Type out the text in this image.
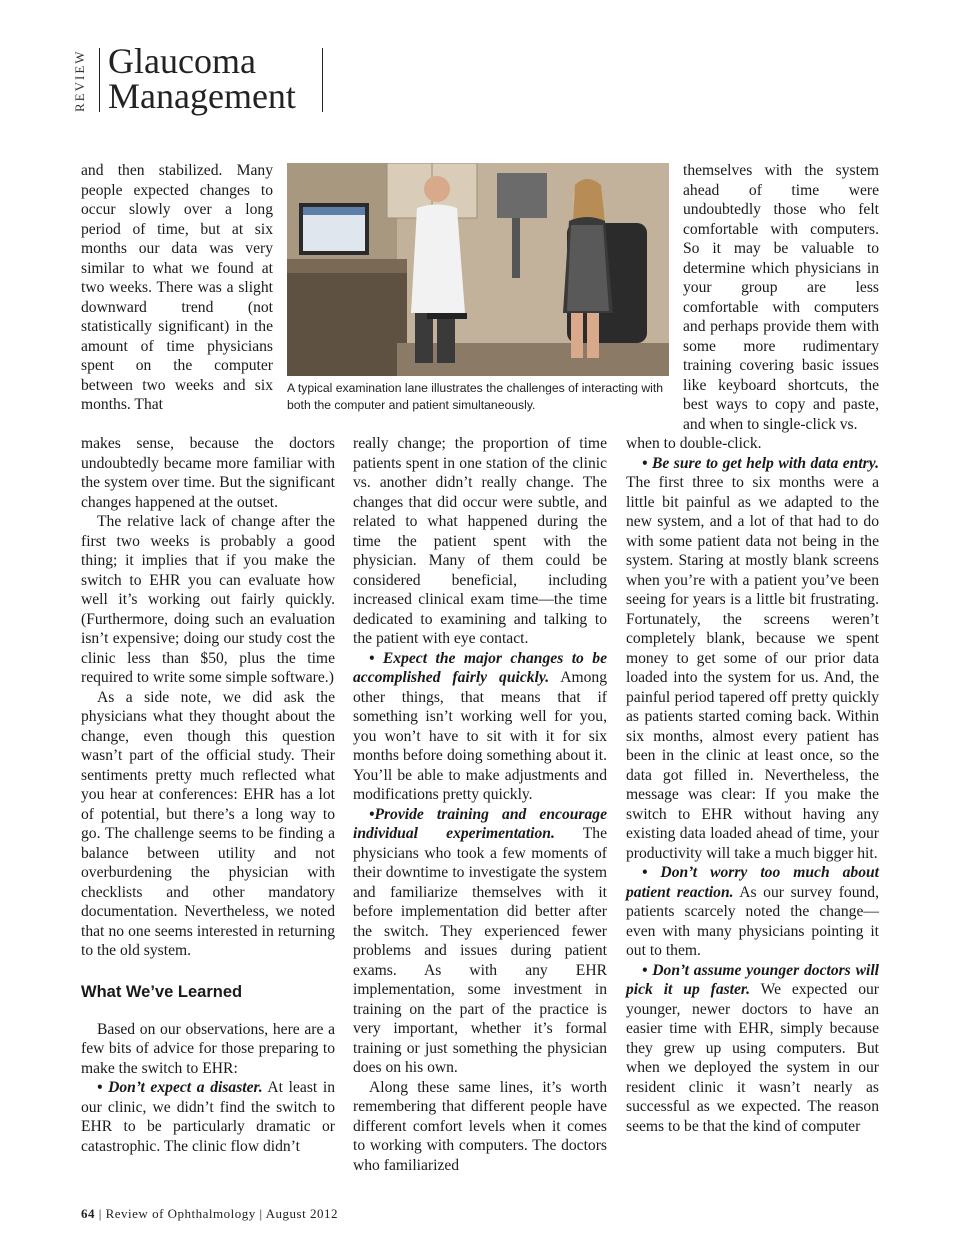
REVIEW Glaucoma
Management
A typical examination lane illustrates the challenges of interacting with both the computer and patient simultaneously.

and then stabilized. Many people expected changes to occur slowly over a long period of time, but at six months our data was very similar to what we found at two weeks. There was a slight downward trend (not statistically significant) in the amount of time physicians spent on the computer between two weeks and six months. That

makes sense, because the doctors undoubtedly became more familiar with the system over time. But the significant changes happened at the outset.

The relative lack of change after the first two weeks is probably a good thing; it implies that if you make the switch to EHR you can evaluate how well it’s working out fairly quickly. (Furthermore, doing such an evaluation isn’t expensive; doing our study cost the clinic less than $50, plus the time required to write some simple software.)

As a side note, we did ask the physicians what they thought about the change, even though this question wasn’t part of the official study. Their sentiments pretty much reflected what you hear at conferences: EHR has a lot of potential, but there’s a long way to go. The challenge seems to be finding a balance between utility and not overburdening the physician with checklists and other mandatory documentation. Nevertheless, we noted that no one seems interested in returning to the old system.

What We’ve Learned

Based on our observations, here are a few bits of advice for those preparing to make the switch to EHR:

• Don’t expect a disaster. At least in our clinic, we didn’t find the switch to EHR to be particularly dramatic or catastrophic. The clinic flow didn’t

really change; the proportion of time patients spent in one station of the clinic vs. another didn’t really change. The changes that did occur were subtle, and related to what happened during the time the patient spent with the physician. Many of them could be considered beneficial, including increased clinical exam time—the time dedicated to examining and talking to the patient with eye contact.

• Expect the major changes to be accomplished fairly quickly. Among other things, that means that if something isn’t working well for you, you won’t have to sit with it for six months before doing something about it. You’ll be able to make adjustments and modifications pretty quickly.

•Provide training and encourage individual experimentation. The physicians who took a few moments of their downtime to investigate the system and familiarize themselves with it before implementation did better after the switch. They experienced fewer problems and issues during patient exams. As with any EHR implementation, some investment in training on the part of the practice is very important, whether it’s formal training or just something the physician does on his own.

Along these same lines, it’s worth remembering that different people have different comfort levels when it comes to working with computers. The doctors who familiarized

themselves with the system ahead of time were undoubtedly those who felt comfortable with computers. So it may be valuable to determine which physicians in your group are less comfortable with computers and perhaps provide them with some more rudimentary training covering basic issues like keyboard shortcuts, the best ways to copy and paste, and when to single-click vs.

when to double-click.

• Be sure to get help with data entry. The first three to six months were a little bit painful as we adapted to the new system, and a lot of that had to do with some patient data not being in the system. Staring at mostly blank screens when you’re with a patient you’ve been seeing for years is a little bit frustrating. Fortunately, the screens weren’t completely blank, because we spent money to get some of our prior data loaded into the system for us. And, the painful period tapered off pretty quickly as patients started coming back. Within six months, almost every patient has been in the clinic at least once, so the data got filled in. Nevertheless, the message was clear: If you make the switch to EHR without having any existing data loaded ahead of time, your productivity will take a much bigger hit.

• Don’t worry too much about patient reaction. As our survey found, patients scarcely noted the change—even with many physicians pointing it out to them.

• Don’t assume younger doctors will pick it up faster. We expected our younger, newer doctors to have an easier time with EHR, simply because they grew up using computers. But when we deployed the system in our resident clinic it wasn’t nearly as successful as we expected. The reason seems to be that the kind of computer

64 | Review of Ophthalmology | August 2012
